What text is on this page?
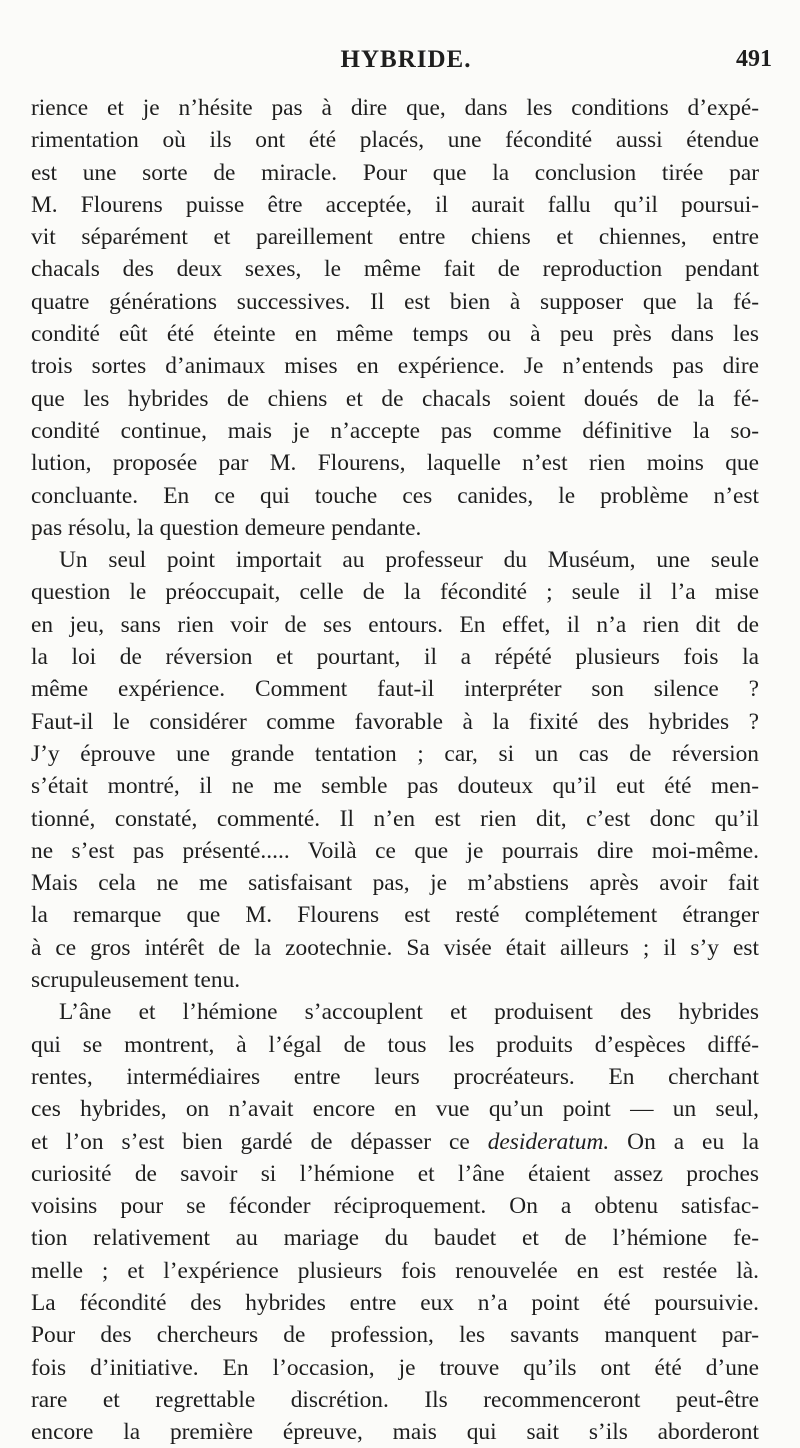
HYBRIDE.	491
rience et je n’hésite pas à dire que, dans les conditions d’expé-
rimentation où ils ont été placés, une fécondité aussi étendue
est une sorte de miracle. Pour que la conclusion tirée par
M. Flourens puisse être acceptée, il aurait fallu qu’il poursui-
vit séparément et pareillement entre chiens et chiennes, entre
chacals des deux sexes, le même fait de reproduction pendant
quatre générations successives. Il est bien à supposer que la fé-
condité eût été éteinte en même temps ou à peu près dans les
trois sortes d’animaux mises en expérience. Je n’entends pas dire
que les hybrides de chiens et de chacals soient doués de la fé-
condité continue, mais je n’accepte pas comme définitive la so-
lution, proposée par M. Flourens, laquelle n’est rien moins que
concluante. En ce qui touche ces canides, le problème n’est
pas résolu, la question demeure pendante.
Un seul point importait au professeur du Muséum, une seule
question le préoccupait, celle de la fécondité ; seule il l’a mise
en jeu, sans rien voir de ses entours. En effet, il n’a rien dit de
la loi de réversion et pourtant, il a répété plusieurs fois la
même expérience. Comment faut-il interpréter son silence ?
Faut-il le considérer comme favorable à la fixité des hybrides ?
J’y éprouve une grande tentation ; car, si un cas de réversion
s’était montré, il ne me semble pas douteux qu’il eut été men-
tionné, constaté, commenté. Il n’en est rien dit, c’est donc qu’il
ne s’est pas présenté..... Voilà ce que je pourrais dire moi-même.
Mais cela ne me satisfaisant pas, je m’abstiens après avoir fait
la remarque que M. Flourens est resté complétement étranger
à ce gros intérêt de la zootechnie. Sa visée était ailleurs ; il s’y est
scrupuleusement tenu.
L’âne et l’hémione s’accouplent et produisent des hybrides
qui se montrent, à l’égal de tous les produits d’espèces diffé-
rentes, intermédiaires entre leurs procréateurs. En cherchant
ces hybrides, on n’avait encore en vue qu’un point — un seul,
et l’on s’est bien gardé de dépasser ce desideratum. On a eu la
curiosité de savoir si l’hémione et l’âne étaient assez proches
voisins pour se féconder réciproquement. On a obtenu satisfac-
tion relativement au mariage du baudet et de l’hémione fe-
melle ; et l’expérience plusieurs fois renouvelée en est restée là.
La fécondité des hybrides entre eux n’a point été poursuivie.
Pour des chercheurs de profession, les savants manquent par-
fois d’initiative. En l’occasion, je trouve qu’ils ont été d’une
rare et regrettable discrétion. Ils recommenceront peut-être
encore la première épreuve, mais qui sait s’ils aborderont
